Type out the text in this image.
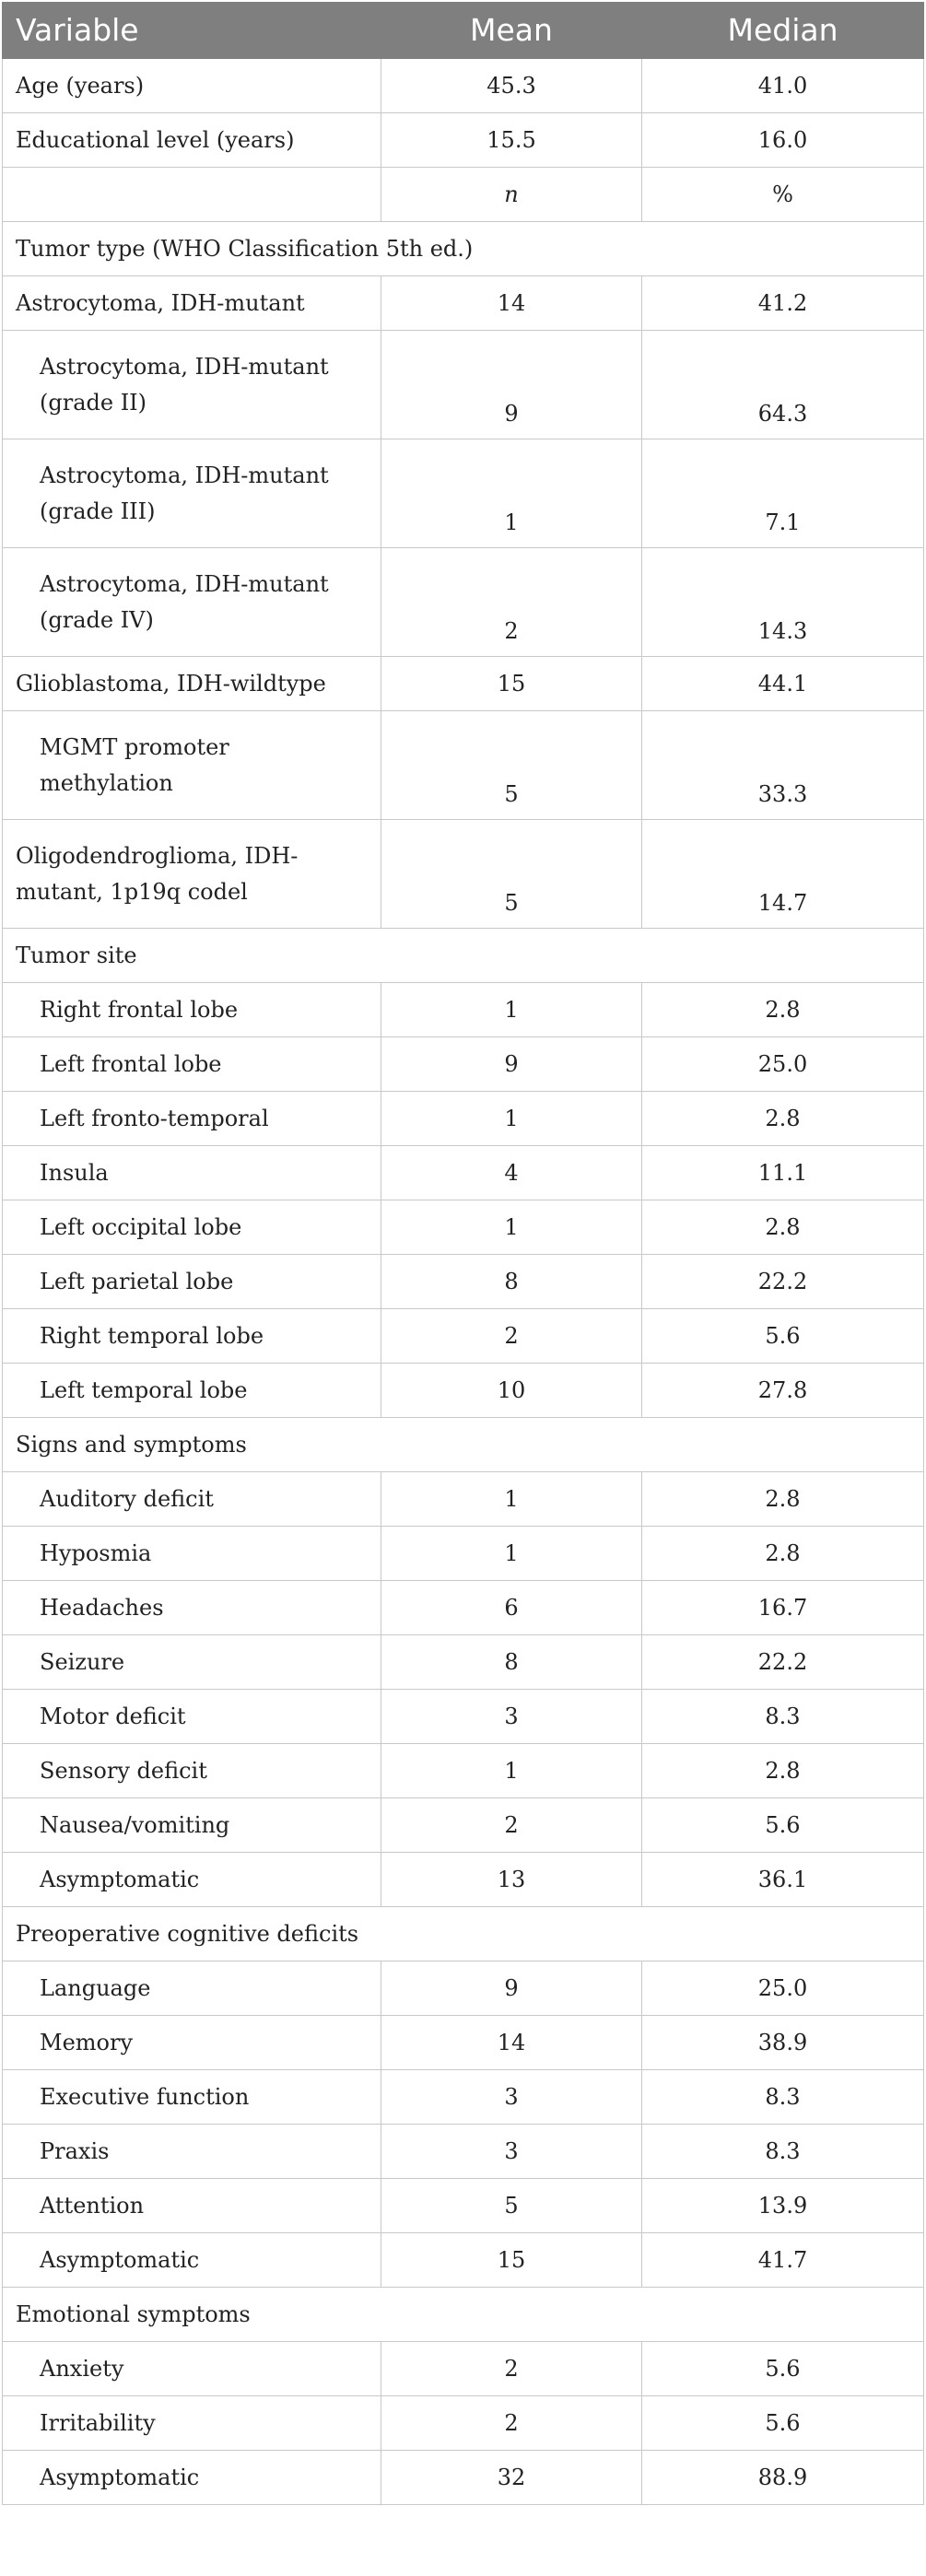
Variable	Mean	Median
Age (years)	45.3	41.0
Educational level (years)	15.5	16.0
	n	%
Tumor type (WHO Classification 5th ed.)		
Astrocytoma, IDH-mutant	14	41.2
Astrocytoma, IDH-mutant
(grade II)	9	64.3
Astrocytoma, IDH-mutant
(grade III)	1	7.1
Astrocytoma, IDH-mutant
(grade IV)	2	14.3
Glioblastoma, IDH-wildtype	15	44.1
MGMT promoter
methylation	5	33.3
Oligodendroglioma, IDH-
mutant, 1p19q codel	5	14.7
Tumor site		
Right frontal lobe	1	2.8
Left frontal lobe	9	25.0
Left fronto-temporal	1	2.8
Insula	4	11.1
Left occipital lobe	1	2.8
Left parietal lobe	8	22.2
Right temporal lobe	2	5.6
Left temporal lobe	10	27.8
Signs and symptoms		
Auditory deficit	1	2.8
Hyposmia	1	2.8
Headaches	6	16.7
Seizure	8	22.2
Motor deficit	3	8.3
Sensory deficit	1	2.8
Nausea/vomiting	2	5.6
Asymptomatic	13	36.1
Preoperative cognitive deficits		
Language	9	25.0
Memory	14	38.9
Executive function	3	8.3
Praxis	3	8.3
Attention	5	13.9
Asymptomatic	15	41.7
Emotional symptoms		
Anxiety	2	5.6
Irritability	2	5.6
Asymptomatic	32	88.9
